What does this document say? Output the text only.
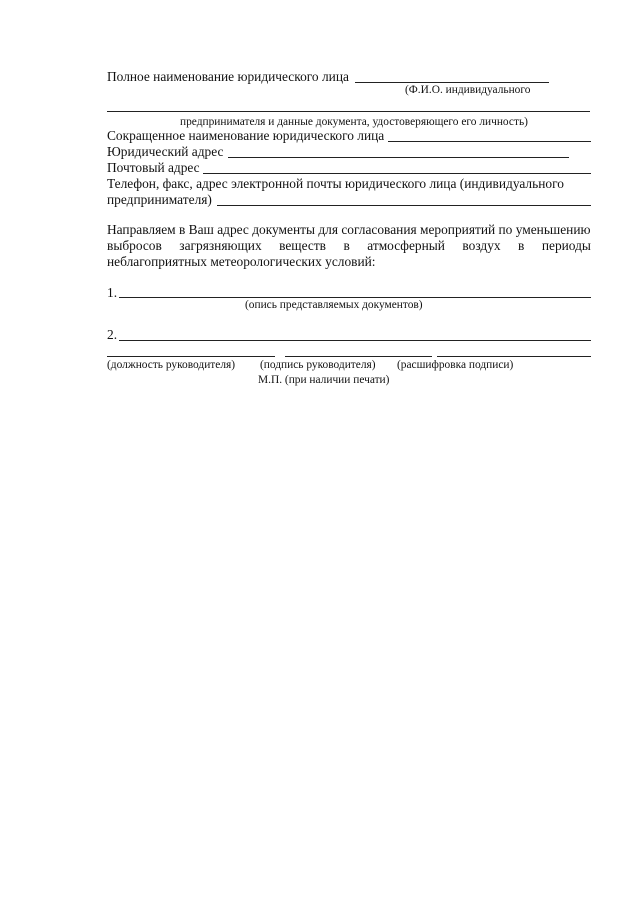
Полное наименование юридического лица
(Ф.И.О. индивидуального
предпринимателя и данные документа, удостоверяющего его личность)
Сокращенное наименование юридического лица
Юридический адрес
Почтовый адрес
Телефон, факс, адрес электронной почты юридического лица (индивидуального
предпринимателя)
Направляем в Ваш адрес документы для согласования мероприятий по уменьшению
выбросов загрязняющих веществ в атмосферный воздух в периоды
неблагоприятных метеорологических условий:
1.
(опись представляемых документов)
2.
(должность руководителя) (подпись руководителя) (расшифровка подписи)
М.П. (при наличии печати)
